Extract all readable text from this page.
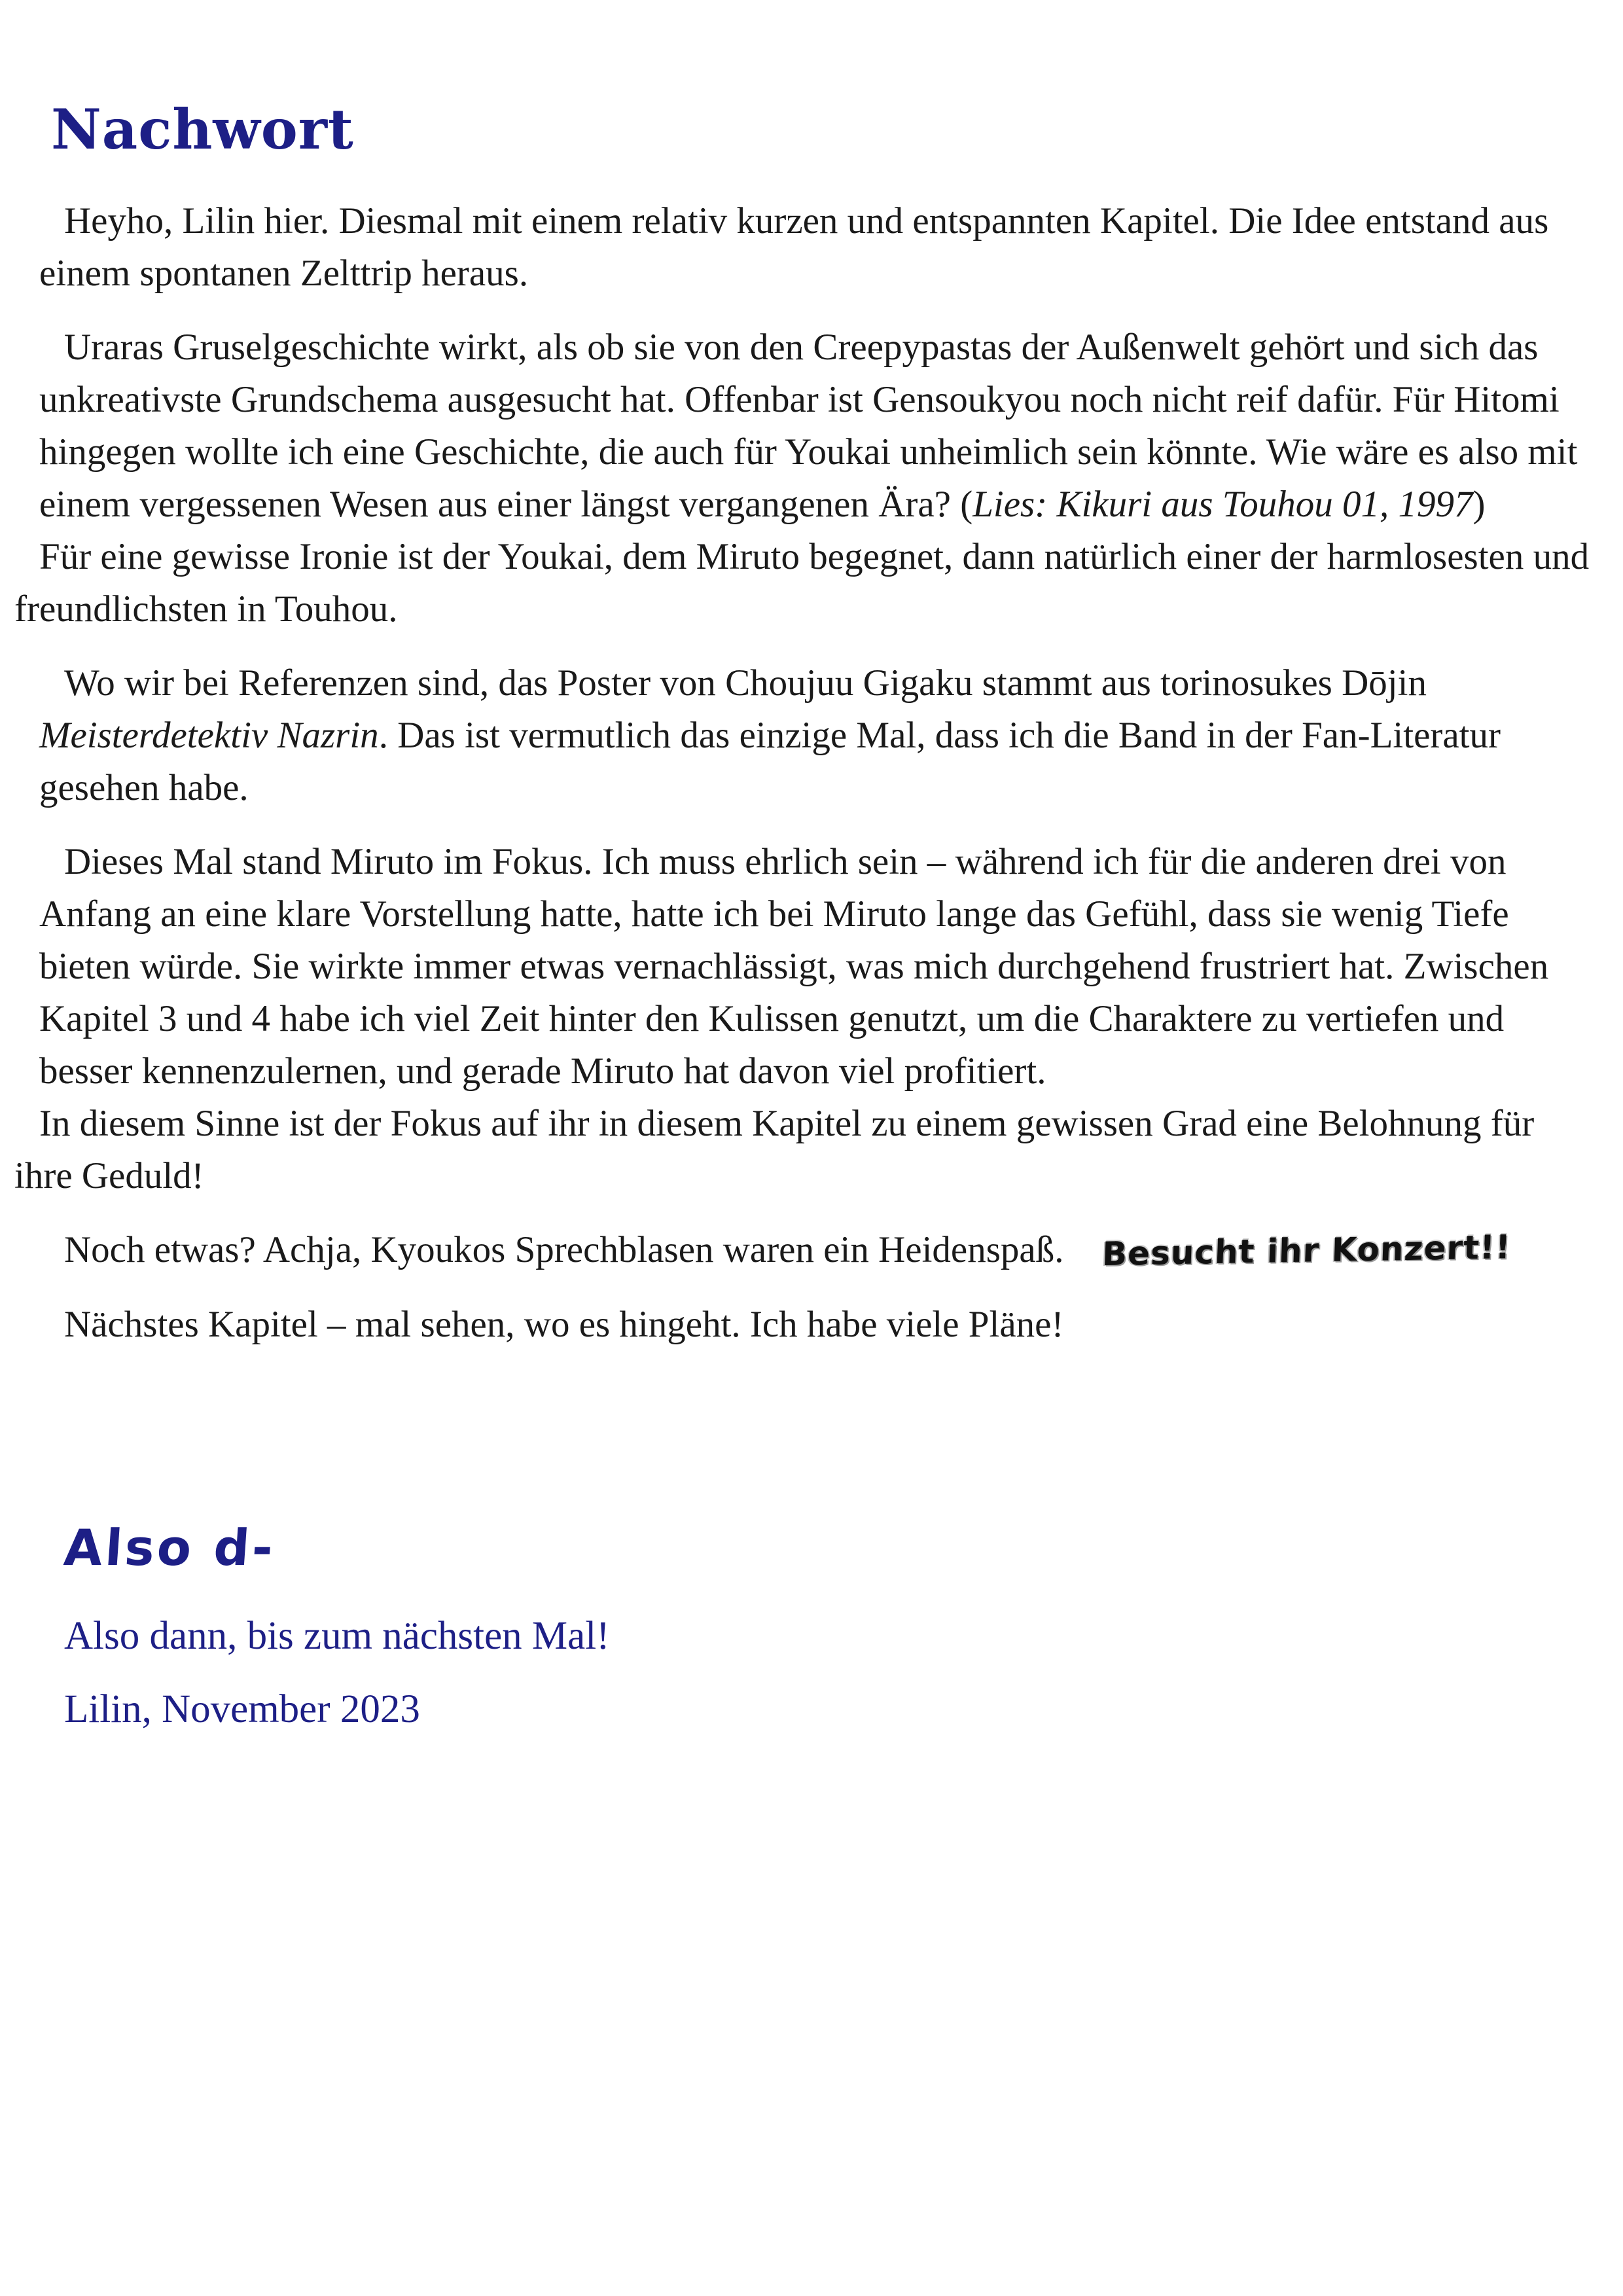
Nachwort

Heyho, Lilin hier. Diesmal mit einem relativ kurzen und entspannten Kapitel. Die Idee entstand aus einem spontanen Zelttrip heraus.

Uraras Gruselgeschichte wirkt, als ob sie von den Creepypastas der Außenwelt gehört und sich das unkreativste Grundschema ausgesucht hat. Offenbar ist Gensoukyou noch nicht reif dafür. Für Hitomi hingegen wollte ich eine Geschichte, die auch für Youkai unheimlich sein könnte. Wie wäre es also mit einem vergessenen Wesen aus einer längst vergangenen Ära? (Lies: Kikuri aus Touhou 01, 1997)
Für eine gewisse Ironie ist der Youkai, dem Miruto begegnet, dann natürlich einer der harmlosesten und freundlichsten in Touhou.

Wo wir bei Referenzen sind, das Poster von Choujuu Gigaku stammt aus torinosukes Dōjin Meisterdetektiv Nazrin. Das ist vermutlich das einzige Mal, dass ich die Band in der Fan-Literatur gesehen habe.

Dieses Mal stand Miruto im Fokus. Ich muss ehrlich sein – während ich für die anderen drei von Anfang an eine klare Vorstellung hatte, hatte ich bei Miruto lange das Gefühl, dass sie wenig Tiefe bieten würde. Sie wirkte immer etwas vernachlässigt, was mich durchgehend frustriert hat. Zwischen Kapitel 3 und 4 habe ich viel Zeit hinter den Kulissen genutzt, um die Charaktere zu vertiefen und besser kennenzulernen, und gerade Miruto hat davon viel profitiert.
In diesem Sinne ist der Fokus auf ihr in diesem Kapitel zu einem gewissen Grad eine Belohnung für ihre Geduld!

Noch etwas? Achja, Kyoukos Sprechblasen waren ein Heidenspaß. Besucht ihr Konzert!!

Nächstes Kapitel – mal sehen, wo es hingeht. Ich habe viele Pläne!

Also d-

Also dann, bis zum nächsten Mal!

Lilin, November 2023
